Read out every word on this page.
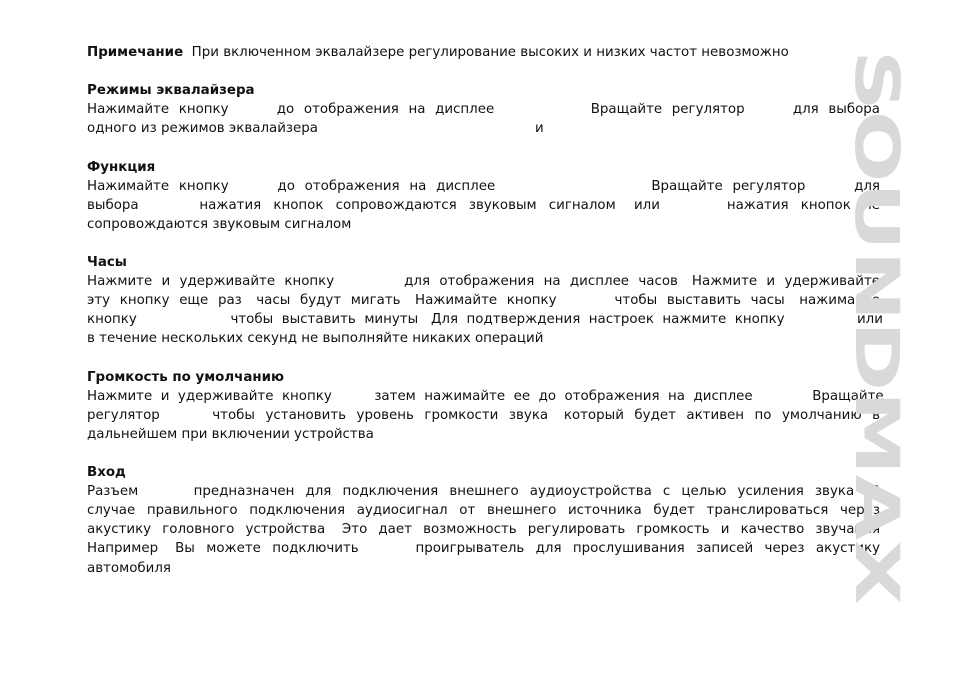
Примечание При включенном эквалайзере регулирование высоких и низких частот невозможно

Режимы эквалайзера
Нажимайте  кнопку          до  отображения  на  дисплее                    Вращайте  регулятор          для  выбора
одного из режимов эквалайзера                                                   и
Функция
Нажимайте  кнопку          до  отображения  на  дисплее                                Вращайте  регулятор          для
выбора          нажатия  кнопок  сопровождаются  звуковым  сигналом   или           нажатия  кнопок  не
сопровождаются звуковым сигналом
Часы
Нажмите  и  удерживайте  кнопку               для  отображения  на  дисплее  часов   Нажмите  и  удерживайте
эту  кнопку  еще  раз   часы  будут  мигать   Нажимайте  кнопку            чтобы  выставить  часы   нажимайте
кнопку                      чтобы  выставить  минуты   Для  подтверждения  настроек  нажмите  кнопку                 или
в течение нескольких секунд не выполняйте никаких операций
Громкость по умолчанию
Нажмите  и  удерживайте  кнопку          затем  нажимайте  ее  до  отображения  на  дисплее              Вращайте
регулятор          чтобы  установить  уровень  громкости  звука   который  будет  активен  по  умолчанию  в
дальнейшем при включении устройства
Вход
Разъем          предназначен  для  подключения  внешнего  аудиоустройства  с  целью  усиления  звука   В
случае  правильного  подключения  аудиосигнал  от  внешнего  источника  будет  транслироваться  через
акустику  головного  устройства   Это  дает  возможность  регулировать  громкость  и  качество  звучания
Например   Вы  можете  подключить          проигрыватель  для  прослушивания  записей  через  акустику
автомобиля
SOUNDMAX
